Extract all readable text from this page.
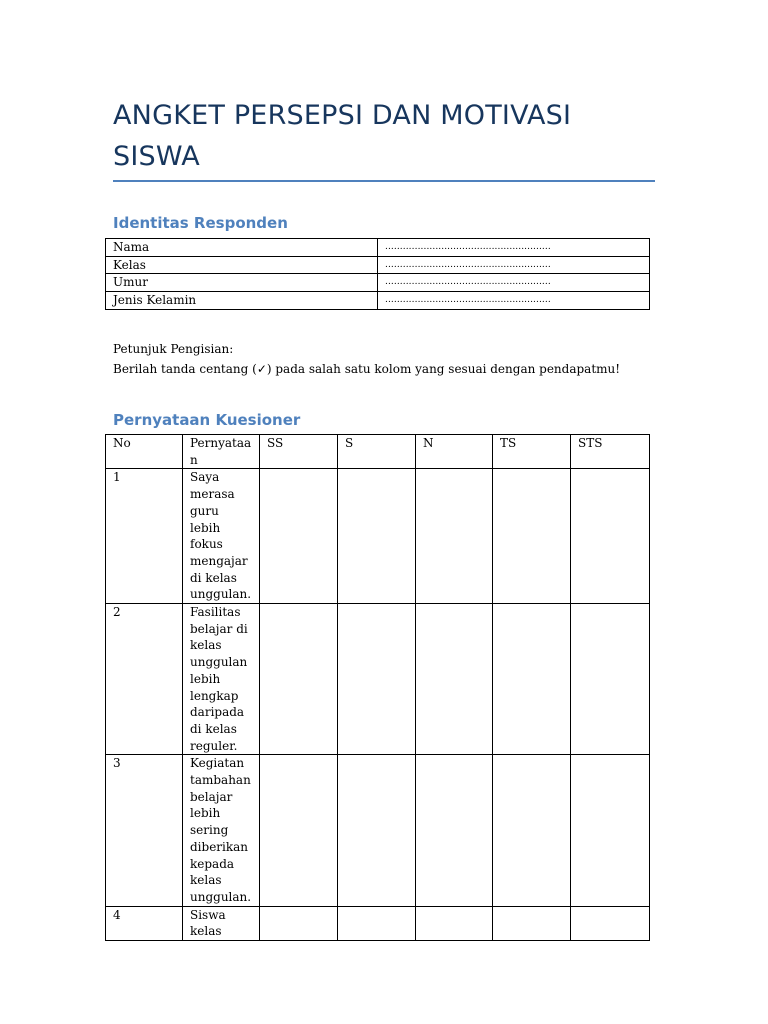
ANGKET PERSEPSI DAN MOTIVASI SISWA
Identitas Responden
Nama	........................................................
Kelas	........................................................
Umur	........................................................
Jenis Kelamin	........................................................
Petunjuk Pengisian:
Berilah tanda centang (✓) pada salah satu kolom yang sesuai dengan pendapatmu!
Pernyataan Kuesioner
No	Pernyataan	SS	S	N	TS	STS
1	Saya merasa guru lebih fokus mengajar di kelas unggulan.					
2	Fasilitas belajar di kelas unggulan lebih lengkap daripada di kelas reguler.					
3	Kegiatan tambahan belajar lebih sering diberikan kepada kelas unggulan.					
4	Siswa kelas					
